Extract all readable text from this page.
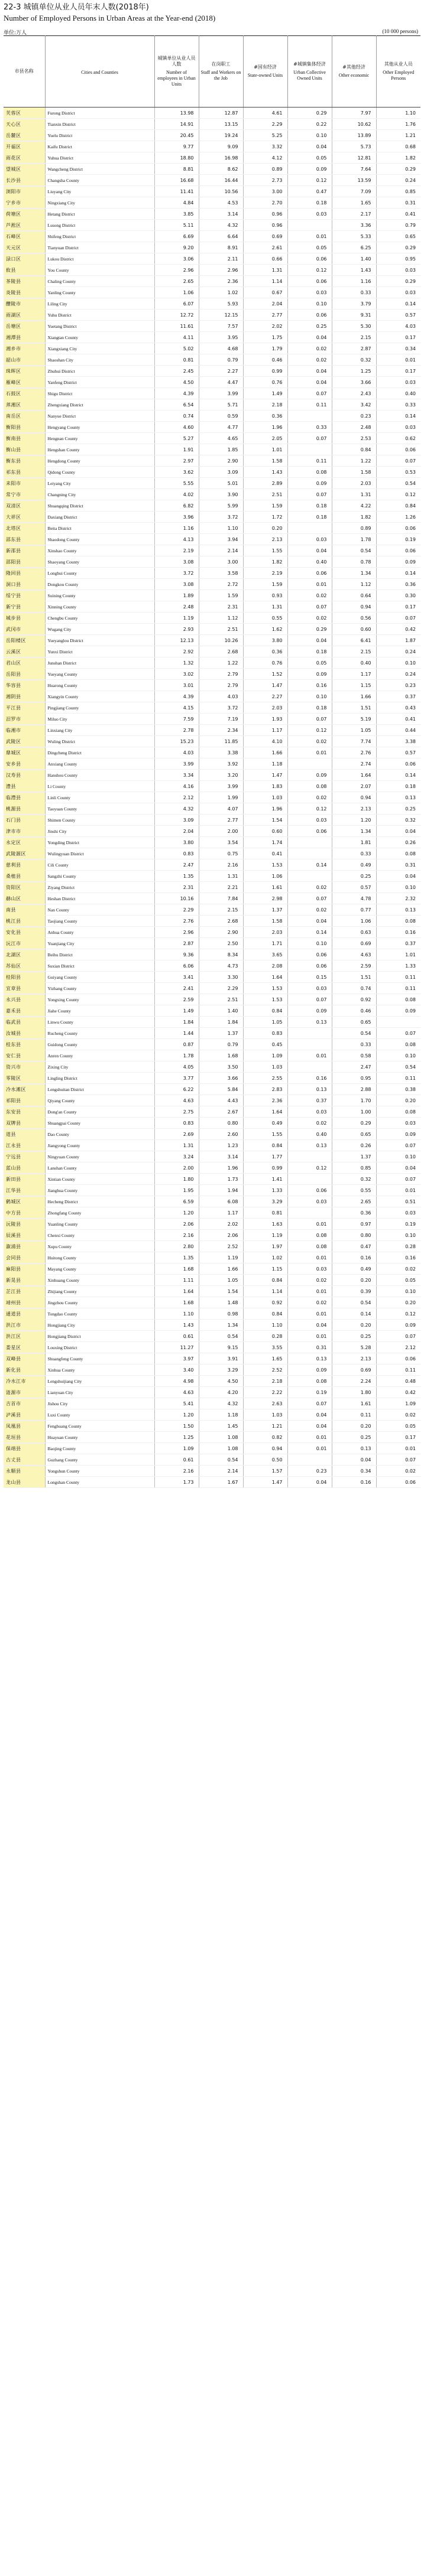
22-3 城镇单位从业人员年末人数(2018年)
Number of Employed Persons in Urban Areas at the Year-end (2018)
单位:万人	(10 000 persons)
市县名称	Cities and Counties	城镇单位从业人员人数
Number of employees in Urban Units	在岗职工
Staff and Workers on the Job	#国有经济
State-owned Units	#城镇集体经济
Urban Collective Owned Units	#其他经济
Other economic	其他从业人员
Other Employed Persons

芙蓉区	Furong District	13.98	12.87	4.61	0.29	7.97	1.10
天心区	Tianxin District	14.91	13.15	2.29	0.22	10.62	1.76
岳麓区	Yuelu District	20.45	19.24	5.25	0.10	13.89	1.21
开福区	Kaifu District	9.77	9.09	3.32	0.04	5.73	0.68
雨花区	Yuhua District	18.80	16.98	4.12	0.05	12.81	1.82
望城区	Wangcheng District	8.81	8.62	0.89	0.09	7.64	0.29
长沙县	Changsha County	16.68	16.44	2.73	0.12	13.59	0.24
浏阳市	Liuyang City	11.41	10.56	3.00	0.47	7.09	0.85
宁乡市	Ningxiang City	4.84	4.53	2.70	0.18	1.65	0.31
荷塘区	Hetang District	3.85	3.14	0.96	0.03	2.17	0.41
芦淞区	Lusong District	5.11	4.32	0.96		3.36	0.79
石峰区	Shifeng District	6.69	6.64	0.69	0.01	5.33	0.65
天元区	Tianyuan District	9.20	8.91	2.61	0.05	6.25	0.29
渌口区	Lukou District	3.06	2.11	0.66	0.06	1.40	0.95
攸县	You County	2.96	2.96	1.31	0.12	1.43	0.03
茶陵县	Chaling County	2.65	2.36	1.14	0.06	1.16	0.29
炎陵县	Yanling County	1.06	1.02	0.67	0.03	0.33	0.03
醴陵市	Liling City	6.07	5.93	2.04	0.10	3.79	0.14
雨湖区	Yuhu District	12.72	12.15	2.77	0.06	9.31	0.57
岳塘区	Yuetang District	11.61	7.57	2.02	0.25	5.30	4.03
湘潭县	Xiangtan County	4.11	3.95	1.75	0.04	2.15	0.17
湘乡市	Xiangxiang City	5.02	4.68	1.79	0.02	2.87	0.34
韶山市	Shaoshan City	0.81	0.79	0.46	0.02	0.32	0.01
珠晖区	Zhuhui District	2.45	2.27	0.99	0.04	1.25	0.17
雁峰区	Yanfeng District	4.50	4.47	0.76	0.04	3.66	0.03
石鼓区	Shigu District	4.39	3.99	1.49	0.07	2.43	0.40
蒸湘区	Zhengxiang District	6.54	5.71	2.18	0.11	3.42	0.33
南岳区	Nanyue District	0.74	0.59	0.36		0.23	0.14
衡阳县	Hengyang County	4.60	4.77	1.96	0.33	2.48	0.03
衡南县	Hengnan County	5.27	4.65	2.05	0.07	2.53	0.62
衡山县	Hengshan County	1.91	1.85	1.01		0.84	0.06
衡东县	Hengdong County	2.97	2.90	1.58	0.11	1.22	0.07
祁东县	Qidong County	3.62	3.09	1.43	0.08	1.58	0.53
耒阳市	Leiyang City	5.55	5.01	2.89	0.09	2.03	0.54
常宁市	Changning City	4.02	3.90	2.51	0.07	1.31	0.12
双清区	Shuangqing District	6.82	5.99	1.59	0.18	4.22	0.84
大祥区	Daxiang District	3.96	3.72	1.72	0.18	1.82	1.26
北塔区	Beita District	1.16	1.10	0.20		0.89	0.06
邵东县	Shaodong County	4.13	3.94	2.13	0.03	1.78	0.19
新邵县	Xinshao County	2.19	2.14	1.55	0.04	0.54	0.06
邵阳县	Shaoyang County	3.08	3.00	1.82	0.40	0.78	0.09
隆回县	Longhui County	3.72	3.58	2.19	0.06	1.34	0.14
洞口县	Dongkou County	3.08	2.72	1.59	0.01	1.12	0.36
绥宁县	Suining County	1.89	1.59	0.93	0.02	0.64	0.30
新宁县	Xinning County	2.48	2.31	1.31	0.07	0.94	0.17
城步县	Chengbu County	1.19	1.12	0.55	0.02	0.56	0.07
武冈市	Wugang City	2.93	2.51	1.62	0.29	0.60	0.42
岳阳楼区	Yueyanglou District	12.13	10.26	3.80	0.04	6.41	1.87
云溪区	Yunxi District	2.92	2.68	0.36	0.18	2.15	0.24
君山区	Junshan District	1.32	1.22	0.76	0.05	0.40	0.10
岳阳县	Yueyang County	3.02	2.79	1.52	0.09	1.17	0.24
华容县	Huarong County	3.01	2.79	1.47	0.16	1.15	0.23
湘阴县	Xiangyin County	4.39	4.03	2.27	0.10	1.66	0.37
平江县	Pingjiang County	4.15	3.72	2.03	0.18	1.51	0.43
汨罗市	Miluo City	7.59	7.19	1.93	0.07	5.19	0.41
临湘市	Linxiang City	2.78	2.34	1.17	0.12	1.05	0.44
武陵区	Wuling District	15.23	11.85	4.10	0.02	7.74	3.38
鼎城区	Dingcheng District	4.03	3.38	1.66	0.01	2.76	0.57
安乡县	Anxiang County	3.99	3.92	1.18		2.74	0.06
汉寿县	Hanshou County	3.34	3.20	1.47	0.09	1.64	0.14
澧县	Li County	4.16	3.99	1.83	0.08	2.07	0.18
临澧县	Linli County	2.12	1.99	1.03	0.02	0.94	0.13
桃源县	Taoyuan County	4.32	4.07	1.96	0.12	2.13	0.25
石门县	Shimen County	3.09	2.77	1.54	0.03	1.20	0.32
津市市	Jinshi City	2.04	2.00	0.60	0.06	1.34	0.04
永定区	Yongding District	3.80	3.54	1.74		1.81	0.26
武陵源区	Wulingyuan District	0.83	0.75	0.41		0.33	0.08
慈利县	Cili County	2.47	2.16	1.53	0.14	0.49	0.31
桑植县	Sangzhi County	1.35	1.31	1.06		0.25	0.04
资阳区	Ziyang District	2.31	2.21	1.61	0.02	0.57	0.10
赫山区	Heshan District	10.16	7.84	2.98	0.07	4.78	2.32
南县	Nan County	2.29	2.15	1.37	0.02	0.77	0.13
桃江县	Taojiang County	2.76	2.68	1.58	0.04	1.06	0.08
安化县	Anhua County	2.96	2.90	2.03	0.14	0.63	0.16
沅江市	Yuanjiang City	2.87	2.50	1.71	0.10	0.69	0.37
北湖区	Beihu District	9.36	8.34	3.65	0.06	4.63	1.01
苏仙区	Suxian District	6.06	4.73	2.08	0.06	2.59	1.33
桂阳县	Guiyang County	3.41	3.30	1.64	0.15	1.51	0.11
宜章县	Yizhang County	2.41	2.29	1.53	0.03	0.74	0.11
永兴县	Yongxing County	2.59	2.51	1.53	0.07	0.92	0.08
嘉禾县	Jiahe County	1.49	1.40	0.84	0.09	0.46	0.09
临武县	Linwu County	1.84	1.84	1.05	0.13	0.65	
汝城县	Rucheng County	1.44	1.37	0.83		0.54	0.07
桂东县	Guidong County	0.87	0.79	0.45		0.33	0.08
安仁县	Anren County	1.78	1.68	1.09	0.01	0.58	0.10
资兴市	Zixing City	4.05	3.50	1.03		2.47	0.54
零陵区	Lingling District	3.77	3.66	2.55	0.16	0.95	0.11
冷水滩区	Lengshuitan District	6.22	5.84	2.83	0.13	2.88	0.38
祁阳县	Qiyang County	4.63	4.43	2.36	0.37	1.70	0.20
东安县	Dong'an County	2.75	2.67	1.64	0.03	1.00	0.08
双牌县	Shuangpai County	0.83	0.80	0.49	0.02	0.29	0.03
道县	Dao County	2.69	2.60	1.55	0.40	0.65	0.09
江永县	Jiangyong County	1.31	1.23	0.84	0.13	0.26	0.07
宁远县	Ningyuan County	3.24	3.14	1.77		1.37	0.10
蓝山县	Lanshan County	2.00	1.96	0.99	0.12	0.85	0.04
新田县	Xintian County	1.80	1.73	1.41		0.32	0.07
江华县	Jianghua County	1.95	1.94	1.33	0.06	0.55	0.01
鹤城区	Hecheng District	6.59	6.08	3.29	0.03	2.65	0.51
中方县	Zhongfang County	1.20	1.17	0.81		0.36	0.03
沅陵县	Yuanling County	2.06	2.02	1.63	0.01	0.97	0.19
辰溪县	Chenxi County	2.16	2.06	1.19	0.08	0.80	0.10
溆浦县	Xupu County	2.80	2.52	1.97	0.08	0.47	0.28
会同县	Huitong County	1.35	1.19	1.02	0.01	0.16	0.16
麻阳县	Mayang County	1.68	1.66	1.15	0.03	0.49	0.02
新晃县	Xinhuang County	1.11	1.05	0.84	0.02	0.20	0.05
芷江县	Zhijiang County	1.64	1.54	1.14	0.01	0.39	0.10
靖州县	Jingzhou County	1.68	1.48	0.92	0.02	0.54	0.20
通道县	Tongdao County	1.10	0.98	0.84	0.01	0.14	0.12
洪江市	Hongjiang City	1.43	1.34	1.10	0.04	0.20	0.09
洪江区	Hongjiang District	0.61	0.54	0.28	0.01	0.25	0.07
娄星区	Louxing District	11.27	9.15	3.55	0.31	5.28	2.12
双峰县	Shuangfeng County	3.97	3.91	1.65	0.13	2.13	0.06
新化县	Xinhua County	3.40	3.29	2.52	0.09	0.69	0.11
冷水江市	Lengshuijiang City	4.98	4.50	2.18	0.08	2.24	0.48
涟源市	Lianyuan City	4.63	4.20	2.22	0.19	1.80	0.42
吉首市	Jishou City	5.41	4.32	2.63	0.07	1.61	1.09
泸溪县	Luxi County	1.20	1.18	1.03	0.04	0.11	0.02
凤凰县	Fenghuang County	1.50	1.45	1.21	0.04	0.20	0.05
花垣县	Huayuan County	1.25	1.08	0.82	0.01	0.25	0.17
保靖县	Baojing County	1.09	1.08	0.94	0.01	0.13	0.01
古丈县	Guzhang County	0.61	0.54	0.50		0.04	0.07
永顺县	Yongshun County	2.16	2.14	1.57	0.23	0.34	0.02
龙山县	Longshan County	1.73	1.67	1.47	0.04	0.16	0.06
